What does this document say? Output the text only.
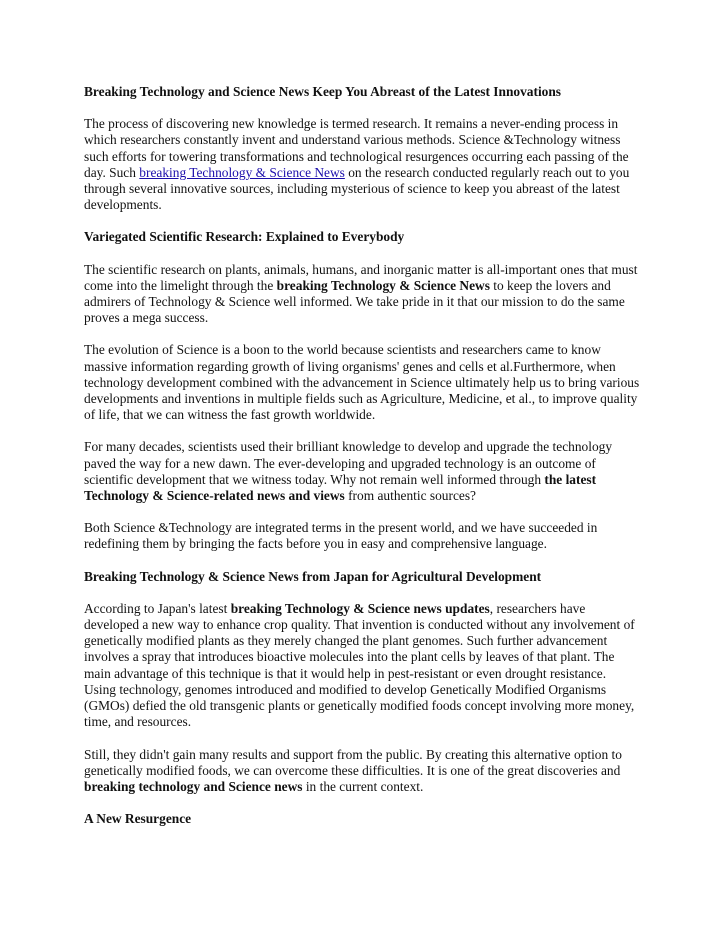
Breaking Technology and Science News Keep You Abreast of the Latest Innovations

The process of discovering new knowledge is termed research. It remains a never-ending process in which researchers constantly invent and understand various methods. Science &Technology witness such efforts for towering transformations and technological resurgences occurring each passing of the day. Such breaking Technology & Science News on the research conducted regularly reach out to you through several innovative sources, including mysterious of science to keep you abreast of the latest developments.

Variegated Scientific Research: Explained to Everybody

The scientific research on plants, animals, humans, and inorganic matter is all-important ones that must come into the limelight through the breaking Technology & Science News to keep the lovers and admirers of Technology & Science well informed. We take pride in it that our mission to do the same proves a mega success.

The evolution of Science is a boon to the world because scientists and researchers came to know massive information regarding growth of living organisms' genes and cells et al.Furthermore, when technology development combined with the advancement in Science ultimately help us to bring various developments and inventions in multiple fields such as Agriculture, Medicine, et al., to improve quality of life, that we can witness the fast growth worldwide.

For many decades, scientists used their brilliant knowledge to develop and upgrade the technology paved the way for a new dawn. The ever-developing and upgraded technology is an outcome of scientific development that we witness today. Why not remain well informed through the latest Technology & Science-related news and views from authentic sources?

Both Science &Technology are integrated terms in the present world, and we have succeeded in redefining them by bringing the facts before you in easy and comprehensive language.

Breaking Technology & Science News from Japan for Agricultural Development

According to Japan's latest breaking Technology & Science news updates, researchers have developed a new way to enhance crop quality. That invention is conducted without any involvement of genetically modified plants as they merely changed the plant genomes. Such further advancement involves a spray that introduces bioactive molecules into the plant cells by leaves of that plant. The main advantage of this technique is that it would help in pest-resistant or even drought resistance. Using technology, genomes introduced and modified to develop Genetically Modified Organisms (GMOs) defied the old transgenic plants or genetically modified foods concept involving more money, time, and resources.

Still, they didn't gain many results and support from the public. By creating this alternative option to genetically modified foods, we can overcome these difficulties. It is one of the great discoveries and breaking technology and Science news in the current context.

A New Resurgence
